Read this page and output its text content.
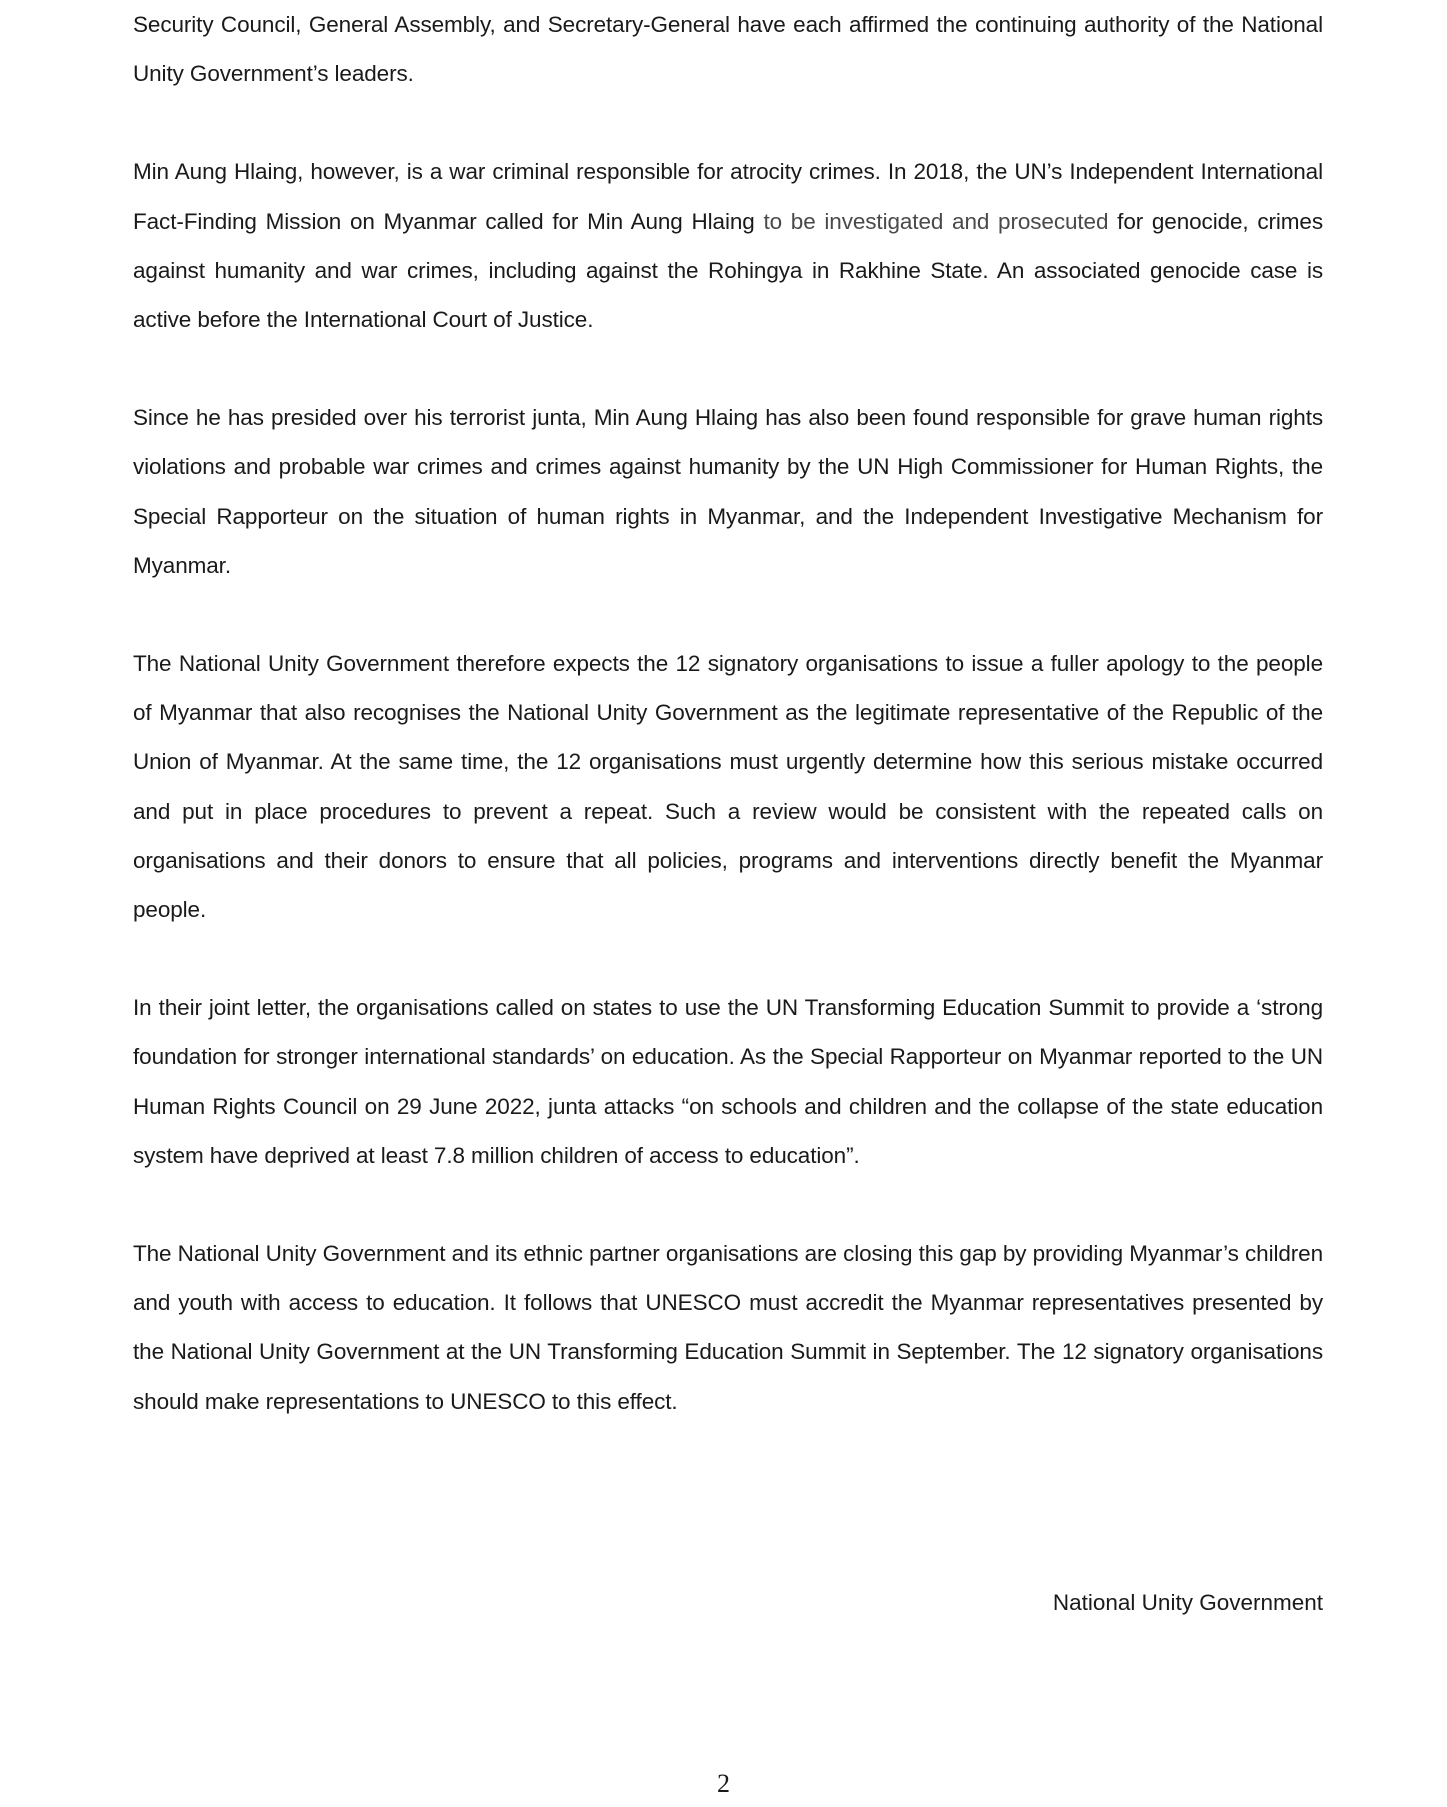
Security Council, General Assembly, and Secretary-General have each affirmed the continuing authority of the National Unity Government’s leaders.

Min Aung Hlaing, however, is a war criminal responsible for atrocity crimes. In 2018, the UN’s Independent International Fact-Finding Mission on Myanmar called for Min Aung Hlaing to be investigated and prosecuted for genocide, crimes against humanity and war crimes, including against the Rohingya in Rakhine State. An associated genocide case is active before the International Court of Justice.

Since he has presided over his terrorist junta, Min Aung Hlaing has also been found responsible for grave human rights violations and probable war crimes and crimes against humanity by the UN High Commissioner for Human Rights, the Special Rapporteur on the situation of human rights in Myanmar, and the Independent Investigative Mechanism for Myanmar.

The National Unity Government therefore expects the 12 signatory organisations to issue a fuller apology to the people of Myanmar that also recognises the National Unity Government as the legitimate representative of the Republic of the Union of Myanmar. At the same time, the 12 organisations must urgently determine how this serious mistake occurred and put in place procedures to prevent a repeat. Such a review would be consistent with the repeated calls on organisations and their donors to ensure that all policies, programs and interventions directly benefit the Myanmar people.

In their joint letter, the organisations called on states to use the UN Transforming Education Summit to provide a ‘strong foundation for stronger international standards’ on education. As the Special Rapporteur on Myanmar reported to the UN Human Rights Council on 29 June 2022, junta attacks “on schools and children and the collapse of the state education system have deprived at least 7.8 million children of access to education”.

The National Unity Government and its ethnic partner organisations are closing this gap by providing Myanmar’s children and youth with access to education. It follows that UNESCO must accredit the Myanmar representatives presented by the National Unity Government at the UN Transforming Education Summit in September. The 12 signatory organisations should make representations to UNESCO to this effect.

National Unity Government

2
